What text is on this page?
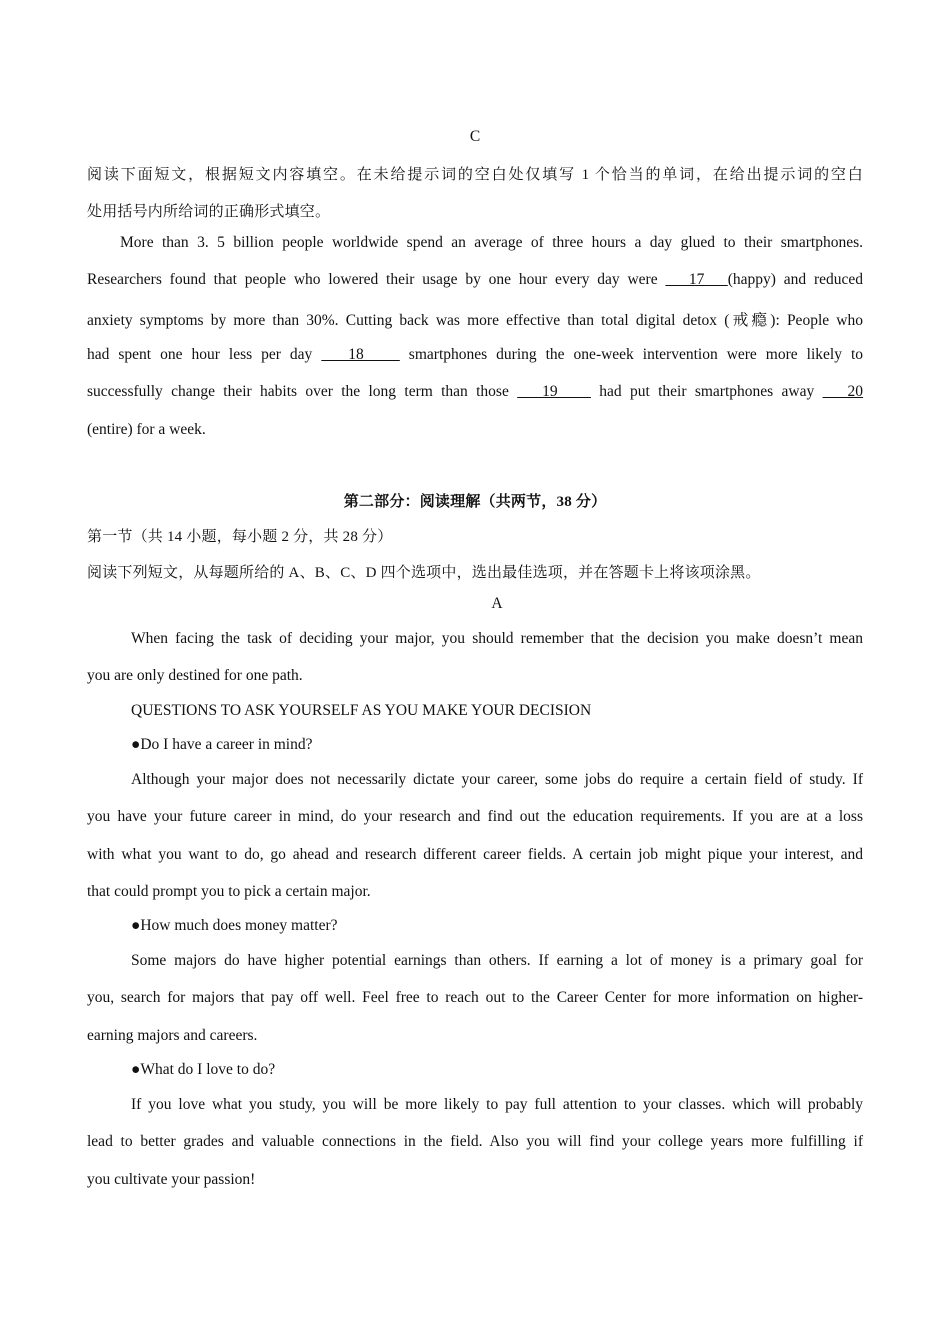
C

阅读下面短文，根据短文内容填空。在未给提示词的空白处仅填写 1 个恰当的单词，在给出提示词的空白

处用括号内所给词的正确形式填空。

More than 3. 5 billion people worldwide spend an average of three hours a day glued to their smartphones.

Researchers found that people who lowered their usage by one hour every day were    17   (happy) and reduced

anxiety symptoms by more than 30%. Cutting back was more effective than total digital detox (戒瘾): People who

had spent one hour less per day    18     smartphones during the one-week intervention were more likely to

successfully change their habits over the long term than those    19     had put their smartphones away    20

(entire) for a week.

第二部分：阅读理解（共两节，38 分）

第一节（共 14 小题，每小题 2 分，共 28 分）

阅读下列短文，从每题所给的 A、B、C、D 四个选项中，选出最佳选项，并在答题卡上将该项涂黑。

A

When facing the task of deciding your major, you should remember that the decision you make doesn’t mean

you are only destined for one path.

QUESTIONS TO ASK YOURSELF AS YOU MAKE YOUR DECISION

●Do I have a career in mind?

Although your major does not necessarily dictate your career, some jobs do require a certain field of study. If

you have your future career in mind, do your research and find out the education requirements. If you are at a loss

with what you want to do, go ahead and research different career fields. A certain job might pique your interest, and

that could prompt you to pick a certain major.

●How much does money matter?

Some majors do have higher potential earnings than others. If earning a lot of money is a primary goal for

you, search for majors that pay off well. Feel free to reach out to the Career Center for more information on higher-

earning majors and careers.

●What do I love to do?

If you love what you study, you will be more likely to pay full attention to your classes. which will probably

lead to better grades and valuable connections in the field. Also you will find your college years more fulfilling if

you cultivate your passion!
